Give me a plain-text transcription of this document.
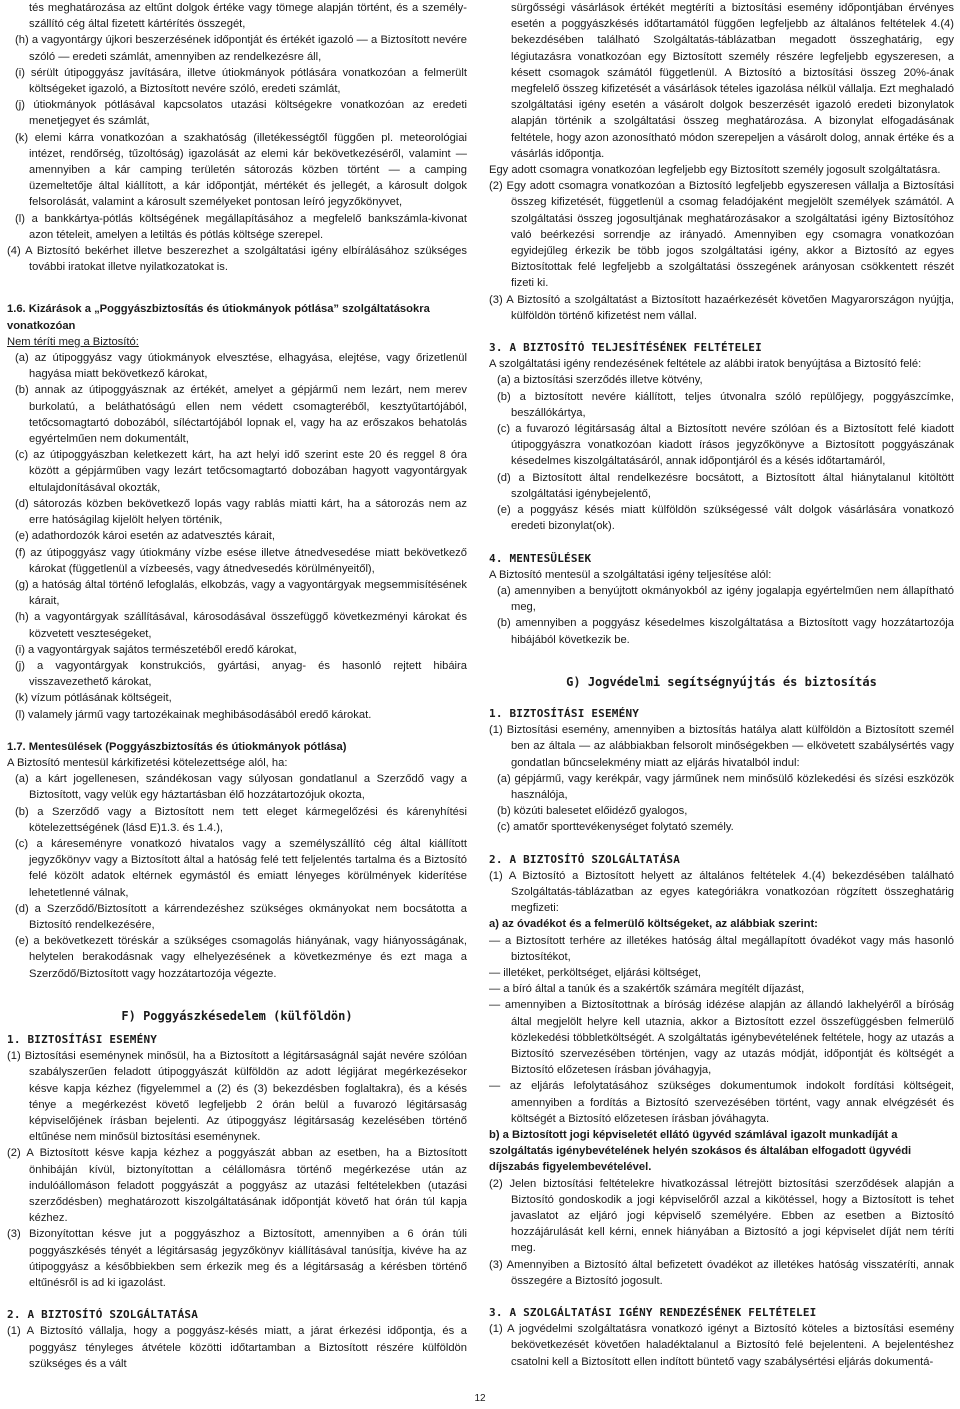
tés meghatározása az eltűnt dolgok értéke vagy tömege alapján történt, és a személy-szállító cég által fizetett kártérítés összegét,

(h) a vagyontárgy újkori beszerzésének időpontját és értékét igazoló — a Biztosított nevére szóló — eredeti számlát, amennyiben az rendelkezésre áll,

(i) sérült útipoggyász javítására, illetve útiokmányok pótlására vonatkozóan a felmerült költségeket igazoló, a Biztosított nevére szóló, eredeti számlát,

(j) útiokmányok pótlásával kapcsolatos utazási költségekre vonatkozóan az eredeti menetjegyet és számlát,

(k) elemi kárra vonatkozóan a szakhatóság (illetékességtől függően pl. meteorológiai intézet, rendőrség, tűzoltóság) igazolását az elemi kár bekövetkezéséről, valamint — amennyiben a kár camping területén sátorozás közben történt — a camping üzemeltetője által kiállított, a kár időpontját, mértékét és jellegét, a károsult dolgok felsorolását, valamint a károsult személyeket pontosan leíró jegyzőkönyvet,

(l) a bankkártya-pótlás költségének megállapításához a megfelelő bankszámla-kivonat azon tételeit, amelyen a letiltás és pótlás költsége szerepel.

(4) A Biztosító bekérhet illetve beszerezhet a szolgáltatási igény elbírálásához szükséges további iratokat illetve nyilatkozatokat is.

1.6. Kizárások a „Poggyászbiztosítás és útiokmányok pótlása” szolgáltatásokra vonatkozóan

Nem téríti meg a Biztosító:

(a) az útipoggyász vagy útiokmányok elvesztése, elhagyása, elejtése, vagy őrizetlenül hagyása miatt bekövetkező károkat,

(b) annak az útipoggyásznak az értékét, amelyet a gépjármű nem lezárt, nem merev burkolatú, a beláthatóságú ellen nem védett csomagteréből, kesztyűtartójából, tetőcsomagtartó dobozából, síléctartójából lopnak el, vagy ha az erőszakos behatolás egyértelműen nem dokumentált,

(c) az útipoggyászban keletkezett kárt, ha azt helyi idő szerint este 20 és reggel 8 óra között a gépjárműben vagy lezárt tetőcsomagtartó dobozában hagyott vagyontárgyak eltulajdonításával okozták,

(d) sátorozás közben bekövetkező lopás vagy rablás miatti kárt, ha a sátorozás nem az erre hatóságilag kijelölt helyen történik,

(e) adathordozók károi esetén az adatvesztés kárait,

(f) az útipoggyász vagy útiokmány vízbe esése illetve átnedvesedése miatt bekövetkező károkat (függetlenül a vízbeesés, vagy átnedvesedés körülményeitől),

(g) a hatóság által történő lefoglalás, elkobzás, vagy a vagyontárgyak megsemmisítésének kárait,

(h) a vagyontárgyak szállításával, károsodásával összefüggő következményi károkat és közvetett veszteségeket,

(i) a vagyontárgyak sajátos természetéből eredő károkat,

(j) a vagyontárgyak konstrukciós, gyártási, anyag- és hasonló rejtett hibáira visszavezethető károkat,

(k) vízum pótlásának költségeit,

(l) valamely jármű vagy tartozékainak meghibásodásából eredő károkat.

1.7. Mentesülések (Poggyászbiztosítás és útiokmányok pótlása)

A Biztosító mentesül kárkifizetési kötelezettsége alól, ha:

(a) a kárt jogellenesen, szándékosan vagy súlyosan gondatlanul a Szerződő vagy a Biztosított, vagy velük egy háztartásban élő hozzátartozójuk okozta,

(b) a Szerződő vagy a Biztosított nem tett eleget kármegelőzési és kárenyhítési kötelezettségének (lásd E)1.3. és 1.4.),

(c) a káreseményre vonatkozó hivatalos vagy a személyszállító cég által kiállított jegyzőkönyv vagy a Biztosított által a hatóság felé tett feljelentés tartalma és a Biztosító felé közölt adatok eltérnek egymástól és emiatt lényeges körülmények kiderítése lehetetlenné válnak,

(d) a Szerződő/Biztosított a kárrendezéshez szükséges okmányokat nem bocsátotta a Biztosító rendelkezésére,

(e) a bekövetkezett töréskár a szükséges csomagolás hiányának, vagy hiányosságának, helytelen berakodásnak vagy elhelyezésének a következménye és ezt maga a Szerződő/Biztosított vagy hozzátartozója végezte.

F) Poggyászkésedelem (külföldön)

1. BIZTOSÍTÁSI ESEMÉNY

(1) Biztosítási eseménynek minősül, ha a Biztosított a légitársaságnál saját nevére szólóan szabályszerűen feladott útipoggyászát külföldön az adott légijárat megérkezésekor késve kapja kézhez (figyelemmel a (2) és (3) bekezdésben foglaltakra), és a késés ténye a megérkezést követő legfeljebb 2 órán belül a fuvarozó légitársaság képviselőjének írásban bejelenti. Az útipoggyász légitársaság kezelésében történő eltűnése nem minősül biztosítási eseménynek.

(2) A Biztosított késve kapja kézhez a poggyászát abban az esetben, ha a Biztosított önhibáján kívül, biztonyítottan a célállomásra történő megérkezése után az indulóállomáson feladott poggyászát a poggyász az utazási feltételekben (utazási szerződésben) meghatározott kiszolgáltatásának időpontját követő hat órán túl kapja kézhez.

(3) Bizonyítottan késve jut a poggyászhoz a Biztosított, amennyiben a 6 órán túli poggyászkésés tényét a légitársaság jegyzőkönyv kiállításával tanúsítja, kivéve ha az útipoggyász a későbbiekben sem érkezik meg és a légitársaság a kérésben történő eltűnésről is ad ki igazolást.

2. A BIZTOSÍTÓ SZOLGÁLTATÁSA

(1) A Biztosító vállalja, hogy a poggyász-késés miatt, a járat érkezési időpontja, és a poggyász tényleges átvétele közötti időtartamban a Biztosított részére külföldön szükséges és a vált

sürgősségi vásárlások értékét megtéríti a biztosítási esemény időpontjában érvényes esetén a poggyászkésés időtartamától függően legfeljebb az általános feltételek 4.(4) bekezdésében található Szolgáltatás-táblázatban megadott összeghatárig, egy légiutazásra vonatkozóan egy Biztosított személy részére legfeljebb egyszeresen, a késett csomagok számától függetlenül. A Biztosító a biztosítási összeg 20%-ának megfelelő összeg kifizetését a vásárlások tételes igazolása nélkül vállalja. Ezt meghaladó szolgáltatási igény esetén a vásárolt dolgok beszerzését igazoló eredeti bizonylatok alapján történik a szolgáltatási összeg meghatározása. A bizonylat elfogadásának feltétele, hogy azon azonosítható módon szerepeljen a vásárolt dolog, annak értéke és a vásárlás időpontja.

Egy adott csomagra vonatkozóan legfeljebb egy Biztosított személy jogosult szolgáltatásra.

(2) Egy adott csomagra vonatkozóan a Biztosító legfeljebb egyszeresen vállalja a Biztosítási összeg kifizetését, függetlenül a csomag feladójaként megjelölt személyek számától. A szolgáltatási összeg jogosultjának meghatározásakor a szolgáltatási igény Biztosítóhoz való beérkezési sorrendje az irányadó. Amennyiben egy csomagra vonatkozóan egyidejűleg érkezik be több jogos szolgáltatási igény, akkor a Biztosító az egyes Biztosítottak felé legfeljebb a szolgáltatási összegének arányosan csökkentett részét fizeti ki.

(3) A Biztosító a szolgáltatást a Biztosított hazaérkezését követően Magyarországon nyújtja, külföldön történő kifizetést nem vállal.

3. A BIZTOSÍTÓ TELJESÍTÉSÉNEK FELTÉTELEI

A szolgáltatási igény rendezésének feltétele az alábbi iratok benyújtása a Biztosító felé:

(a) a biztosítási szerződés illetve kötvény,

(b) a biztosított nevére kiállított, teljes útvonalra szóló repülőjegy, poggyászcímke, beszállókártya,

(c) a fuvarozó légitársaság által a Biztosított nevére szólóan és a Biztosított felé kiadott útipoggyászra vonatkozóan kiadott írásos jegyzőkönyve a Biztosított poggyászának késedelmes kiszolgáltatásáról, annak időpontjáról és a késés időtartamáról,

(d) a Biztosított által rendelkezésre bocsátott, a Biztosított által hiánytalanul kitöltött szolgáltatási igénybejelentő,

(e) a poggyász késés miatt külföldön szükségessé vált dolgok vásárlására vonatkozó eredeti bizonylat(ok).

4. MENTESÜLÉSEK

A Biztosító mentesül a szolgáltatási igény teljesítése alól:

(a) amennyiben a benyújtott okmányokból az igény jogalapja egyértelműen nem állapítható meg,

(b) amennyiben a poggyász késedelmes kiszolgáltatása a Biztosított vagy hozzátartozója hibájából következik be.

G) Jogvédelmi segítségnyújtás és biztosítás

1. BIZTOSÍTÁSI ESEMÉNY

(1) Biztosítási esemény, amennyiben a biztosítás hatálya alatt külföldön a Biztosított személ ben az általa — az alábbiakban felsorolt minőségekben — elkövetett szabálysértés vagy gondatlan bűncselekmény miatt az eljárás hivatalból indul:

(a) gépjármű, vagy kerékpár, vagy járműnek nem minősülő közlekedési és sízési eszközök használója,

(b) közúti balesetet előidéző gyalogos,

(c) amatőr sporttevékenységet folytató személy.

2. A BIZTOSÍTÓ SZOLGÁLTATÁSA

(1) A Biztosító a Biztosított helyett az általános feltételek 4.(4) bekezdésében található Szolgáltatás-táblázatban az egyes kategóriákra vonatkozóan rögzített összeghatárig megfizeti:

a) az óvadékot és a felmerülő költségeket, az alábbiak szerint:

— a Biztosított terhére az illetékes hatóság által megállapított óvadékot vagy más hasonló biztosítékot,

— illetéket, perköltséget, eljárási költséget,

— a bíró által a tanúk és a szakértők számára megítélt díjazást,

— amennyiben a Biztosítottnak a bíróság idézése alapján az állandó lakhelyéről a bíróság által megjelölt helyre kell utaznia, akkor a Biztosított ezzel összefüggésben felmerülő közlekedési többletköltségét. A szolgáltatás igénybevételének feltétele, hogy az utazás a Biztosító szervezésében történjen, vagy az utazás módját, időpontját és költségét a Biztosító előzetesen írásban jóváhagyja,

— az eljárás lefolytatásához szükséges dokumentumok indokolt fordítási költségeit, amennyiben a fordítás a Biztosító szervezésében történt, vagy annak elvégzését és költségét a Biztosító előzetesen írásban jóváhagyta.

b) a Biztosított jogi képviseletét ellátó ügyvéd számlával igazolt munkadíját a szolgáltatás igénybevételének helyén szokásos és általában elfogadott ügyvédi díjszabás figyelembevételével.

(2) Jelen biztosítási feltételekre hivatkozással létrejött biztosítási szerződések alapján a Biztosító gondoskodik a jogi képviselőről azzal a kikötéssel, hogy a Biztosított is tehet javaslatot az eljáró jogi képviselő személyére. Ebben az esetben a Biztosító hozzájárulását kell kérni, ennek hiányában a Biztosító a jogi képviselet díját nem téríti meg.

(3) Amennyiben a Biztosító által befizetett óvadékot az illetékes hatóság visszatéríti, annak összegére a Biztosító jogosult.

3. A SZOLGÁLTATÁSI IGÉNY RENDEZÉSÉNEK FELTÉTELEI

(1) A jogvédelmi szolgáltatásra vonatkozó igényt a Biztosító köteles a biztosítási esemény bekövetkezését követően haladéktalanul a Biztosító felé bejelenteni. A bejelentéshez csatolni kell a Biztosított ellen indított büntető vagy szabálysértési eljárás dokumentá-

12
